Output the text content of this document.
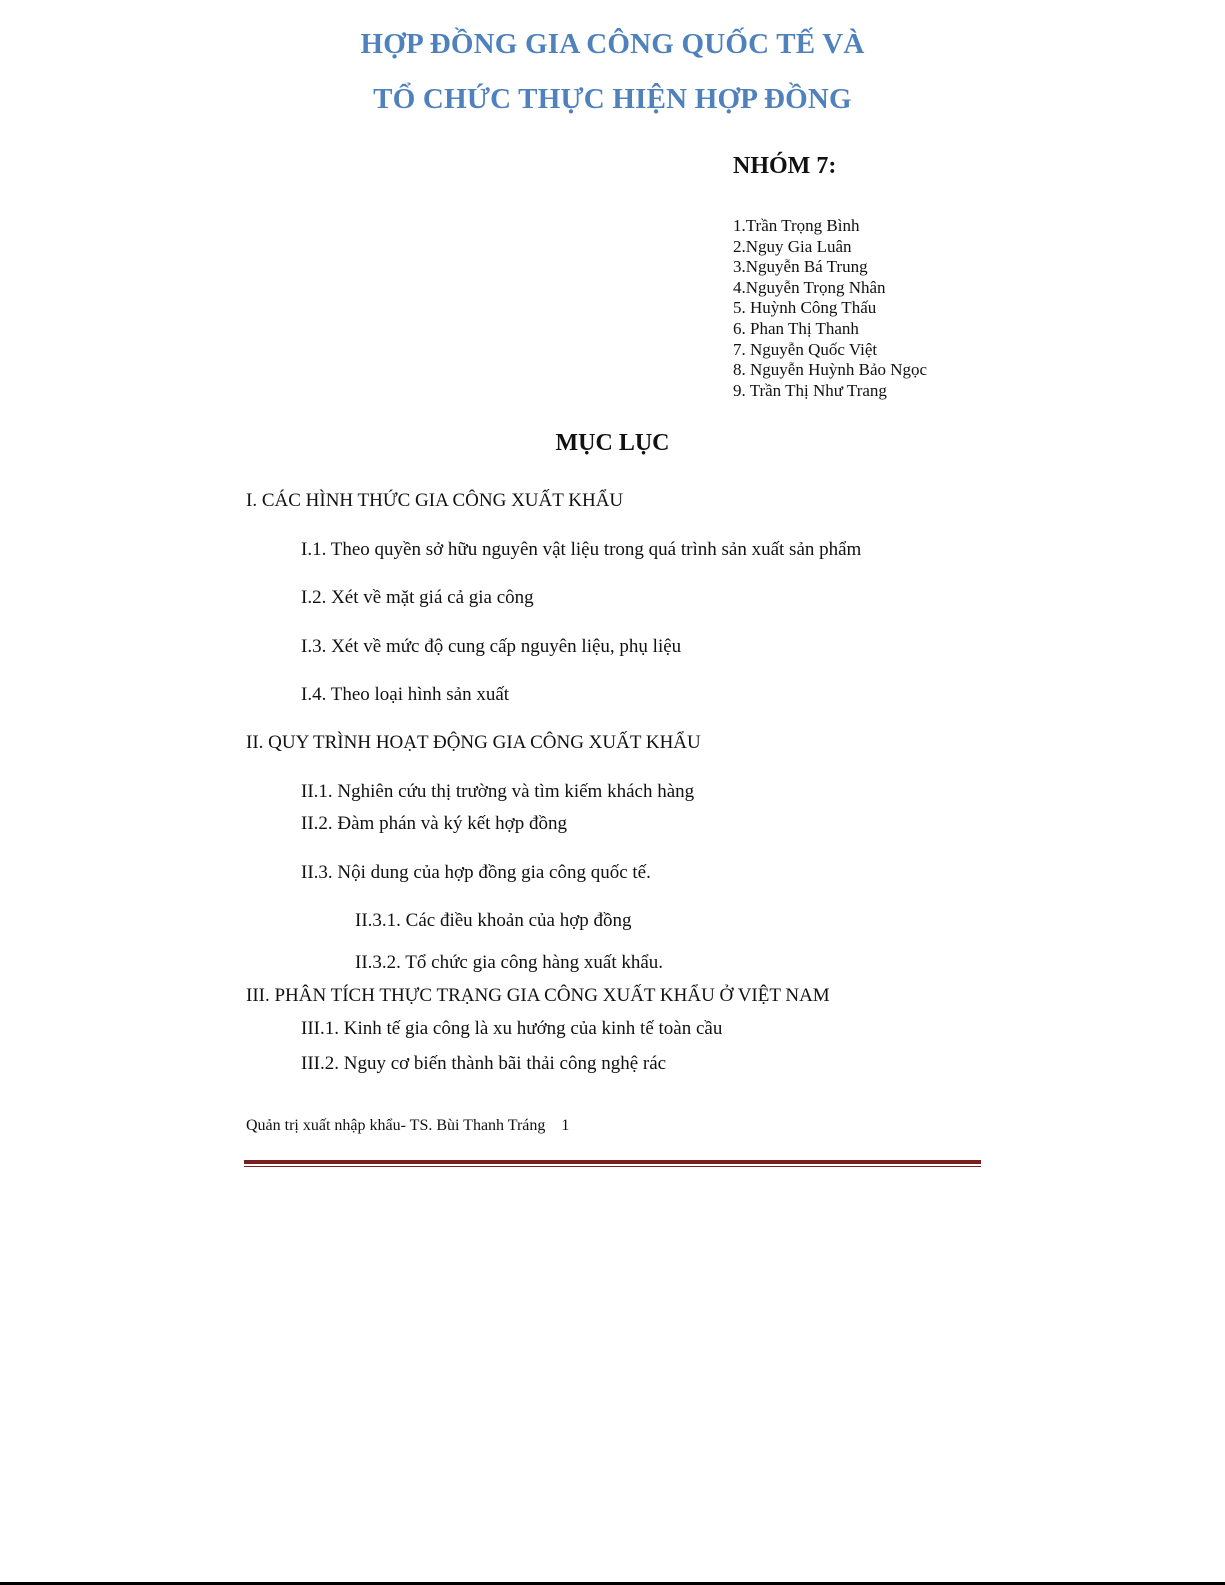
HỢP ĐỒNG GIA CÔNG QUỐC TẾ VÀ
TỔ CHỨC THỰC HIỆN HỢP ĐỒNG
NHÓM 7:
1.Trần Trọng Bình
2.Nguy Gia Luân
3.Nguyễn Bá Trung
4.Nguyễn Trọng Nhân
5. Huỳnh Công Thấu
6. Phan Thị Thanh
7. Nguyễn Quốc Việt
8. Nguyễn Huỳnh Bảo Ngọc
9. Trần Thị Như Trang
MỤC LỤC
I. CÁC HÌNH THỨC GIA CÔNG XUẤT KHẨU
I.1. Theo quyền sở hữu nguyên vật liệu trong quá trình sản xuất sản phẩm
I.2. Xét về mặt giá cả gia công
I.3. Xét về mức độ cung cấp nguyên liệu, phụ liệu
I.4. Theo loại hình sản xuất
II. QUY TRÌNH HOẠT ĐỘNG GIA CÔNG XUẤT KHẨU
II.1. Nghiên cứu thị trường và tìm kiếm khách hàng
II.2. Đàm phán và ký kết hợp đồng
II.3. Nội dung của hợp đồng gia công quốc tế.
II.3.1. Các điều khoản của hợp đồng
II.3.2. Tổ chức gia công hàng xuất khẩu.
III. PHÂN TÍCH THỰC TRẠNG GIA CÔNG XUẤT KHẨU Ở VIỆT NAM
III.1. Kinh tế gia công là xu hướng của kinh tế toàn cầu
III.2. Nguy cơ biến thành bãi thải công nghệ rác
Quản trị xuất nhập khẩu- TS. Bùi Thanh Tráng 1
